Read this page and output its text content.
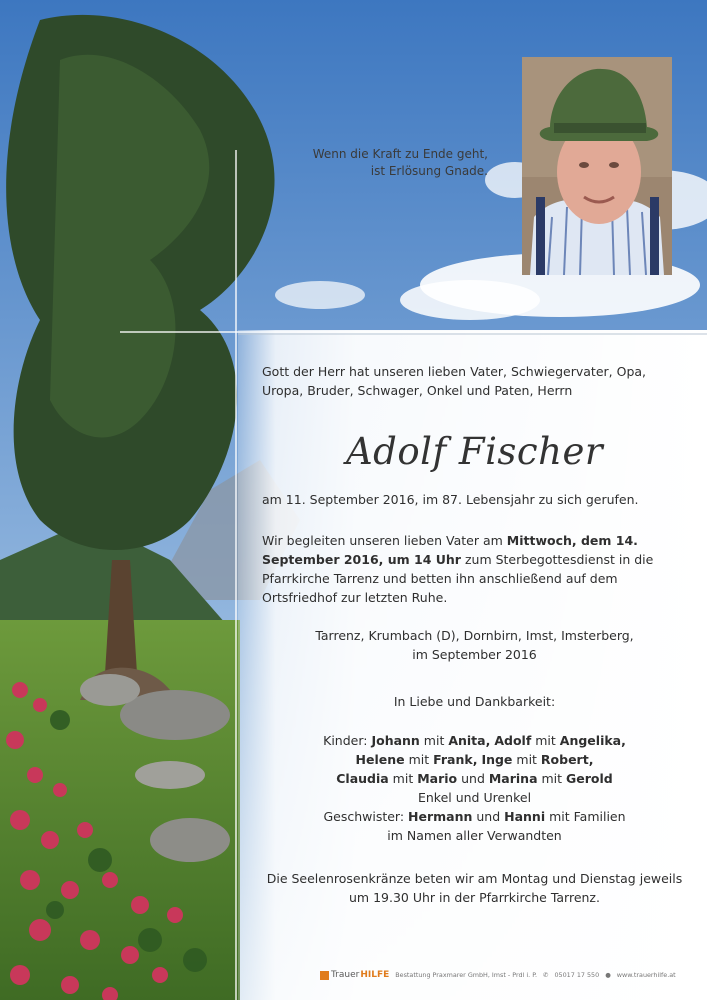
Wenn die Kraft zu Ende geht,
ist Erlösung Gnade.

Gott der Herr hat unseren lieben Vater, Schwiegervater, Opa, Uropa, Bruder, Schwager, Onkel und Paten, Herrn

Adolf Fischer
am 11. September 2016, im 87. Lebensjahr zu sich gerufen.
Wir begleiten unseren lieben Vater am Mittwoch, dem 14. September 2016, um 14 Uhr zum Sterbegottesdienst in die Pfarrkirche Tarrenz und betten ihn anschließend auf dem Ortsfriedhof zur letzten Ruhe.
Tarrenz, Krumbach (D), Dornbirn, Imst, Imsterberg,
im September 2016
In Liebe und Dankbarkeit:
Kinder: Johann mit Anita, Adolf mit Angelika,
Helene mit Frank, Inge mit Robert,
Claudia mit Mario und Marina mit Gerold
Enkel und Urenkel
Geschwister: Hermann und Hanni mit Familien
im Namen aller Verwandten
Die Seelenrosenkränze beten wir am Montag und Dienstag jeweils
um 19.30 Uhr in der Pfarrkirche Tarrenz.
Trauer HILFE Bestattung Praxmarer GmbH, Imst - Prdl i. P. ✆ 05017 17 550 ● www.trauerhilfe.at
